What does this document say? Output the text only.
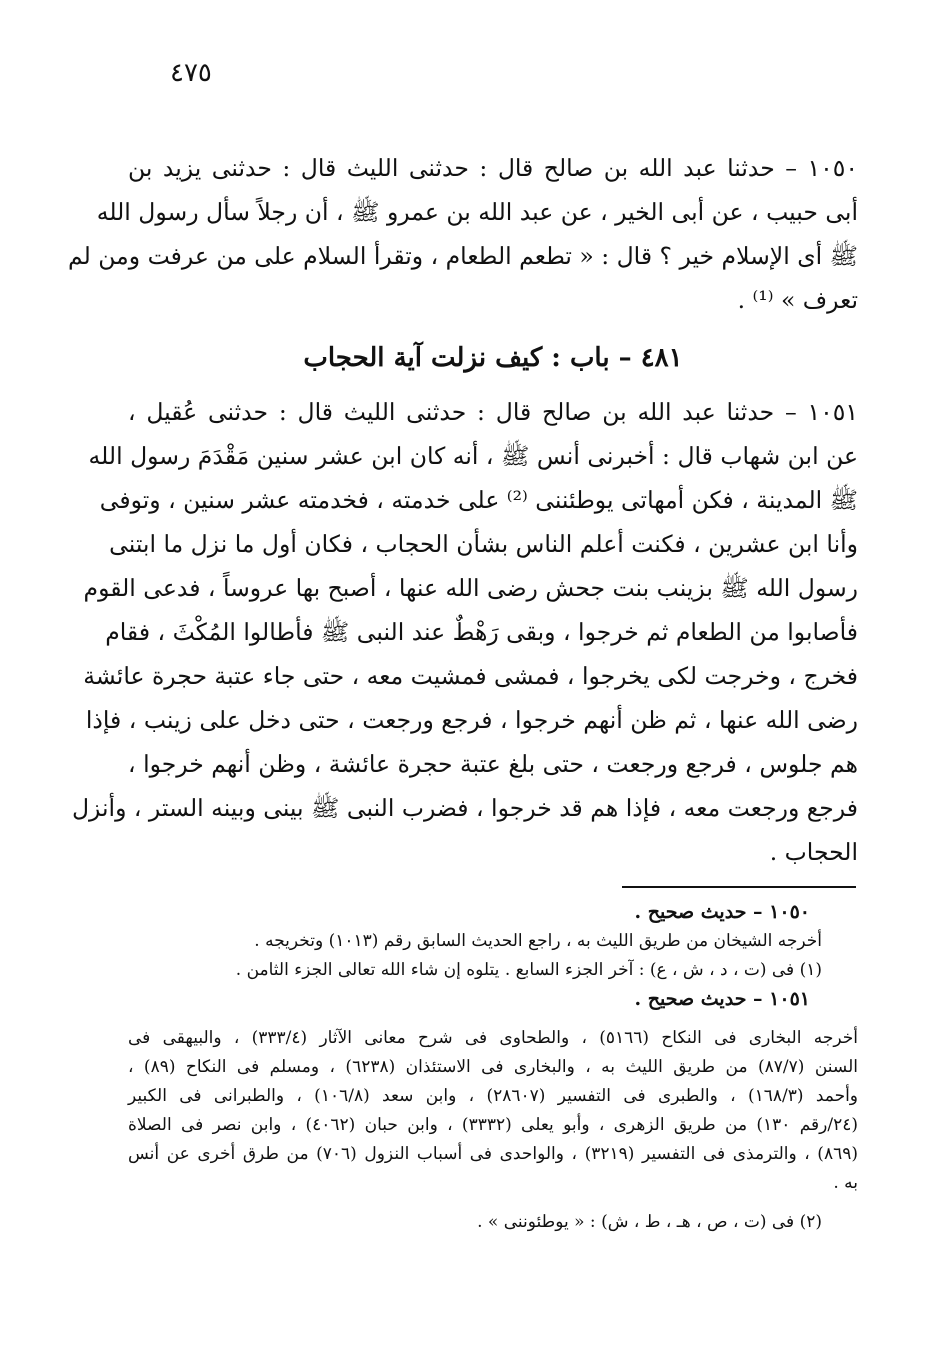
٤٧٥
١٠٥٠ – حدثنا عبد الله بن صالح قال : حدثنى الليث قال : حدثنى يزيد بن
أبى حبيب ، عن أبى الخير ، عن عبد الله بن عمرو ﷺ ، أن رجلاً سأل رسول الله
ﷺ أى الإسلام خير ؟ قال : « تطعم الطعام ، وتقرأ السلام على من عرفت ومن لم
تعرف » ⁽¹⁾ .
٤٨١ – باب : كيف نزلت آية الحجاب
١٠٥١ – حدثنا عبد الله بن صالح قال : حدثنى الليث قال : حدثنى عُقيل ،
عن ابن شهاب قال : أخبرنى أنس ﷺ ، أنه كان ابن عشر سنين مَقْدَمَ رسول الله
ﷺ المدينة ، فكن أمهاتى يوطئننى ⁽²⁾ على خدمته ، فخدمته عشر سنين ، وتوفى
وأنا ابن عشرين ، فكنت أعلم الناس بشأن الحجاب ، فكان أول ما نزل ما ابتنى
رسول الله ﷺ بزينب بنت جحش رضى الله عنها ، أصبح بها عروساً ، فدعى القوم
فأصابوا من الطعام ثم خرجوا ، وبقى رَهْطٌ عند النبى ﷺ فأطالوا المُكْثَ ، فقام
فخرج ، وخرجت لكى يخرجوا ، فمشى فمشيت معه ، حتى جاء عتبة حجرة عائشة
رضى الله عنها ، ثم ظن أنهم خرجوا ، فرجع ورجعت ، حتى دخل على زينب ، فإذا
هم جلوس ، فرجع ورجعت ، حتى بلغ عتبة حجرة عائشة ، وظن أنهم خرجوا ،
فرجع ورجعت معه ، فإذا هم قد خرجوا ، فضرب النبى ﷺ بينى وبينه الستر ، وأنزل
الحجاب .
١٠٥٠ – حديث صحيح .
أخرجه الشيخان من طريق الليث به ، راجع الحديث السابق رقم (١٠١٣) وتخريجه .
(١) فى (ت ، د ، ش ، ع) : آخر الجزء السابع . يتلوه إن شاء الله تعالى الجزء الثامن .
١٠٥١ – حديث صحيح .
أخرجه البخارى فى النكاح (٥١٦٦) ، والطحاوى فى شرح معانى الآثار (٣٣٣/٤) ، والبيهقى فى
السنن (٨٧/٧) من طريق الليث به ، والبخارى فى الاستئذان (٦٢٣٨) ، ومسلم فى النكاح (٨٩) ،
وأحمد (١٦٨/٣) ، والطبرى فى التفسير (٢٨٦٠٧) ، وابن سعد (١٠٦/٨) ، والطبرانى فى الكبير
(٢٤/رقم ١٣٠) من طريق الزهرى ، وأبو يعلى (٣٣٣٢) ، وابن حبان (٤٠٦٢) ، وابن نصر فى الصلاة
(٨٦٩) ، والترمذى فى التفسير (٣٢١٩) ، والواحدى فى أسباب النزول (٧٠٦) من طرق أخرى عن أنس
به .
(٢) فى (ت ، ص ، هـ ، ط ، ش) : « يوطئوننى » .
